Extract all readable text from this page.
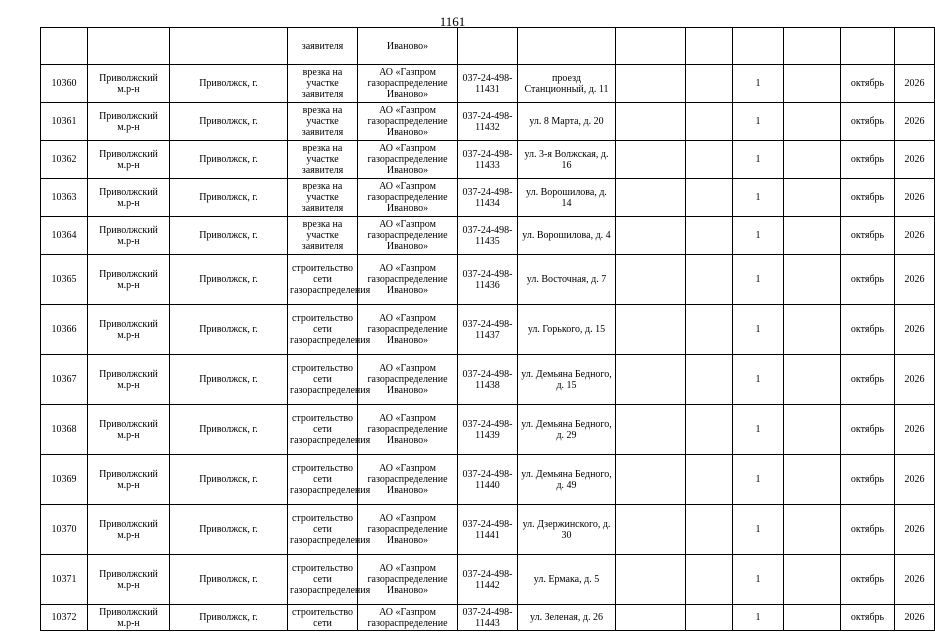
1161
			заявителя	Иваново»								
10360	Приволжский м.р-н	Приволжск, г.	врезка на участке заявителя	АО «Газпром газораспределение Иваново»	037-24-498-11431	проезд Станционный, д. 11			1		октябрь	2026
10361	Приволжский м.р-н	Приволжск, г.	врезка на участке заявителя	АО «Газпром газораспределение Иваново»	037-24-498-11432	ул. 8 Марта, д. 20			1		октябрь	2026
10362	Приволжский м.р-н	Приволжск, г.	врезка на участке заявителя	АО «Газпром газораспределение Иваново»	037-24-498-11433	ул. 3-я Волжская, д. 16			1		октябрь	2026
10363	Приволжский м.р-н	Приволжск, г.	врезка на участке заявителя	АО «Газпром газораспределение Иваново»	037-24-498-11434	ул. Ворошилова, д. 14			1		октябрь	2026
10364	Приволжский м.р-н	Приволжск, г.	врезка на участке заявителя	АО «Газпром газораспределение Иваново»	037-24-498-11435	ул. Ворошилова, д. 4			1		октябрь	2026
10365	Приволжский м.р-н	Приволжск, г.	строительство сети газораспределения	АО «Газпром газораспределение Иваново»	037-24-498-11436	ул. Восточная, д. 7			1		октябрь	2026
10366	Приволжский м.р-н	Приволжск, г.	строительство сети газораспределения	АО «Газпром газораспределение Иваново»	037-24-498-11437	ул. Горького, д. 15			1		октябрь	2026
10367	Приволжский м.р-н	Приволжск, г.	строительство сети газораспределения	АО «Газпром газораспределение Иваново»	037-24-498-11438	ул. Демьяна Бедного, д. 15			1		октябрь	2026
10368	Приволжский м.р-н	Приволжск, г.	строительство сети газораспределения	АО «Газпром газораспределение Иваново»	037-24-498-11439	ул. Демьяна Бедного, д. 29			1		октябрь	2026
10369	Приволжский м.р-н	Приволжск, г.	строительство сети газораспределения	АО «Газпром газораспределение Иваново»	037-24-498-11440	ул. Демьяна Бедного, д. 49			1		октябрь	2026
10370	Приволжский м.р-н	Приволжск, г.	строительство сети газораспределения	АО «Газпром газораспределение Иваново»	037-24-498-11441	ул. Дзержинского, д. 30			1		октябрь	2026
10371	Приволжский м.р-н	Приволжск, г.	строительство сети газораспределения	АО «Газпром газораспределение Иваново»	037-24-498-11442	ул. Ермака, д. 5			1		октябрь	2026
10372	Приволжский м.р-н	Приволжск, г.	строительство сети	АО «Газпром газораспределение	037-24-498-11443	ул. Зеленая, д. 26			1		октябрь	2026
